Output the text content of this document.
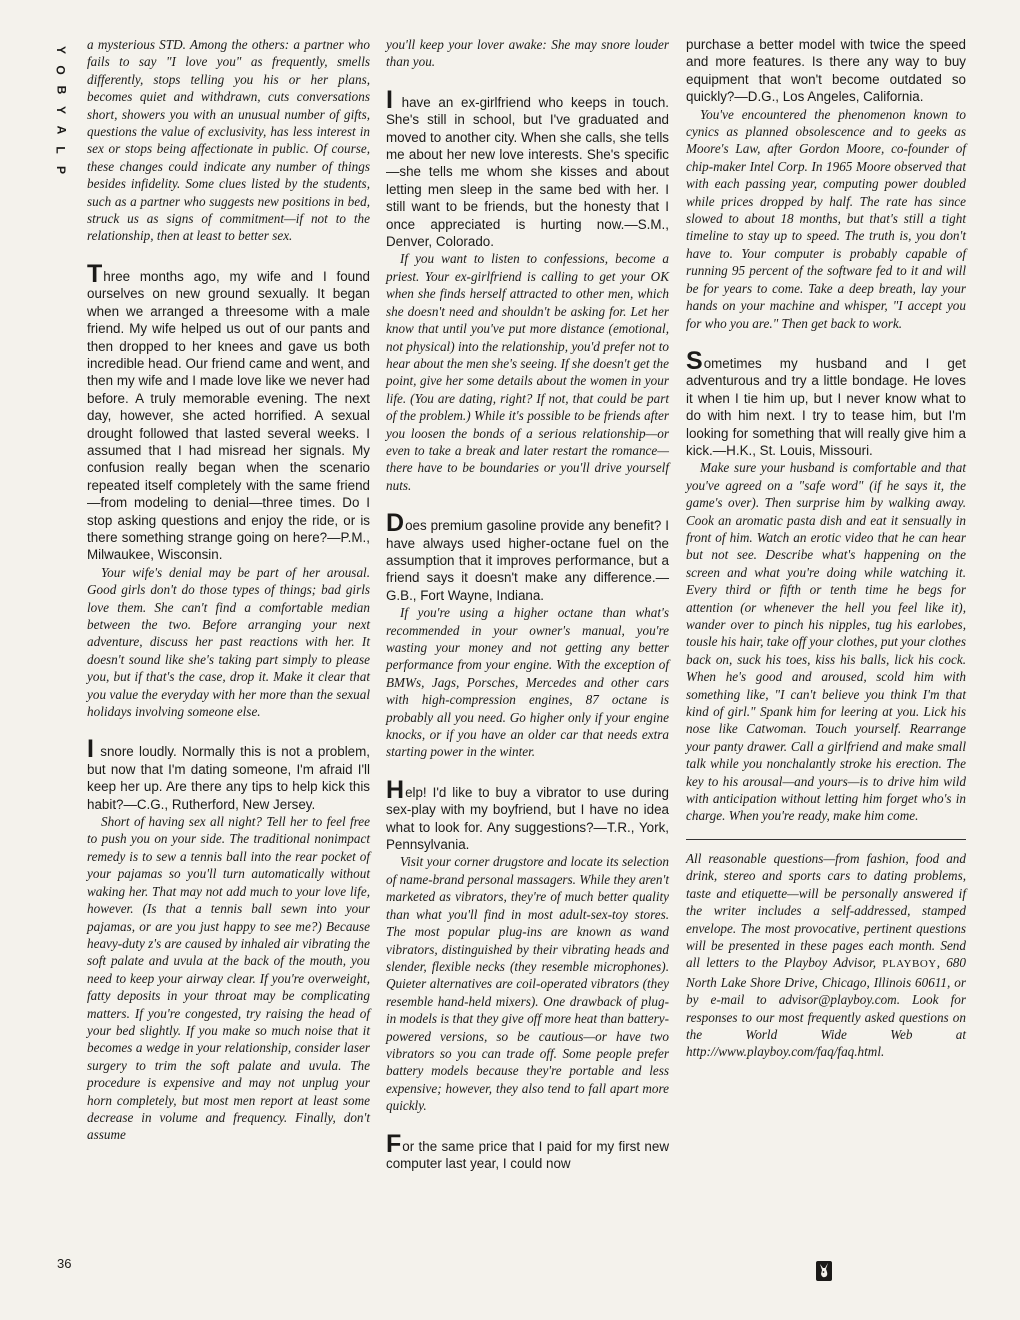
Y
O
B
Y
A
L
P

a mysterious STD. Among the others: a partner who fails to say "I love you" as frequently, smells differently, stops telling you his or her plans, becomes quiet and withdrawn, cuts conversations short, showers you with an unusual number of gifts, questions the value of exclusivity, has less interest in sex or stops being affectionate in public. Of course, these changes could indicate any number of things besides infidelity. Some clues listed by the students, such as a partner who suggests new positions in bed, struck us as signs of commitment—if not to the relationship, then at least to better sex.

Three months ago, my wife and I found ourselves on new ground sexually. It began when we arranged a threesome with a male friend. My wife helped us out of our pants and then dropped to her knees and gave us both incredible head. Our friend came and went, and then my wife and I made love like we never had before. A truly memorable evening. The next day, however, she acted horrified. A sexual drought followed that lasted several weeks. I assumed that I had misread her signals. My confusion really began when the scenario repeated itself completely with the same friend—from modeling to denial—three times. Do I stop asking questions and enjoy the ride, or is there something strange going on here?—P.M., Milwaukee, Wisconsin.

Your wife's denial may be part of her arousal. Good girls don't do those types of things; bad girls love them. She can't find a comfortable median between the two. Before arranging your next adventure, discuss her past reactions with her. It doesn't sound like she's taking part simply to please you, but if that's the case, drop it. Make it clear that you value the everyday with her more than the sexual holidays involving someone else.

I snore loudly. Normally this is not a problem, but now that I'm dating someone, I'm afraid I'll keep her up. Are there any tips to help kick this habit?—C.G., Rutherford, New Jersey.

Short of having sex all night? Tell her to feel free to push you on your side. The traditional nonimpact remedy is to sew a tennis ball into the rear pocket of your pajamas so you'll turn automatically without waking her. That may not add much to your love life, however. (Is that a tennis ball sewn into your pajamas, or are you just happy to see me?) Because heavy-duty z's are caused by inhaled air vibrating the soft palate and uvula at the back of the mouth, you need to keep your airway clear. If you're overweight, fatty deposits in your throat may be complicating matters. If you're congested, try raising the head of your bed slightly. If you make so much noise that it becomes a wedge in your relationship, consider laser surgery to trim the soft palate and uvula. The procedure is expensive and may not unplug your horn completely, but most men report at least some decrease in volume and frequency. Finally, don't assume

you'll keep your lover awake: She may snore louder than you.

I have an ex-girlfriend who keeps in touch. She's still in school, but I've graduated and moved to another city. When she calls, she tells me about her new love interests. She's specific—she tells me whom she kisses and about letting men sleep in the same bed with her. I still want to be friends, but the honesty that I once appreciated is hurting now.—S.M., Denver, Colorado.

If you want to listen to confessions, become a priest. Your ex-girlfriend is calling to get your OK when she finds herself attracted to other men, which she doesn't need and shouldn't be asking for. Let her know that until you've put more distance (emotional, not physical) into the relationship, you'd prefer not to hear about the men she's seeing. If she doesn't get the point, give her some details about the women in your life. (You are dating, right? If not, that could be part of the problem.) While it's possible to be friends after you loosen the bonds of a serious relationship—or even to take a break and later restart the romance—there have to be boundaries or you'll drive yourself nuts.

Does premium gasoline provide any benefit? I have always used higher-octane fuel on the assumption that it improves performance, but a friend says it doesn't make any difference.—G.B., Fort Wayne, Indiana.

If you're using a higher octane than what's recommended in your owner's manual, you're wasting your money and not getting any better performance from your engine. With the exception of BMWs, Jags, Porsches, Mercedes and other cars with high-compression engines, 87 octane is probably all you need. Go higher only if your engine knocks, or if you have an older car that needs extra starting power in the winter.

Help! I'd like to buy a vibrator to use during sex-play with my boyfriend, but I have no idea what to look for. Any suggestions?—T.R., York, Pennsylvania.

Visit your corner drugstore and locate its selection of name-brand personal massagers. While they aren't marketed as vibrators, they're of much better quality than what you'll find in most adult-sex-toy stores. The most popular plug-ins are known as wand vibrators, distinguished by their vibrating heads and slender, flexible necks (they resemble microphones). Quieter alternatives are coil-operated vibrators (they resemble hand-held mixers). One drawback of plug-in models is that they give off more heat than battery-powered versions, so be cautious—or have two vibrators so you can trade off. Some people prefer battery models because they're portable and less expensive; however, they also tend to fall apart more quickly.

For the same price that I paid for my first new computer last year, I could now

purchase a better model with twice the speed and more features. Is there any way to buy equipment that won't become outdated so quickly?—D.G., Los Angeles, California.

You've encountered the phenomenon known to cynics as planned obsolescence and to geeks as Moore's Law, after Gordon Moore, co-founder of chip-maker Intel Corp. In 1965 Moore observed that with each passing year, computing power doubled while prices dropped by half. The rate has since slowed to about 18 months, but that's still a tight timeline to stay up to speed. The truth is, you don't have to. Your computer is probably capable of running 95 percent of the software fed to it and will be for years to come. Take a deep breath, lay your hands on your machine and whisper, "I accept you for who you are." Then get back to work.

Sometimes my husband and I get adventurous and try a little bondage. He loves it when I tie him up, but I never know what to do with him next. I try to tease him, but I'm looking for something that will really give him a kick.—H.K., St. Louis, Missouri.

Make sure your husband is comfortable and that you've agreed on a "safe word" (if he says it, the game's over). Then surprise him by walking away. Cook an aromatic pasta dish and eat it sensually in front of him. Watch an erotic video that he can hear but not see. Describe what's happening on the screen and what you're doing while watching it. Every third or fifth or tenth time he begs for attention (or whenever the hell you feel like it), wander over to pinch his nipples, tug his earlobes, tousle his hair, take off your clothes, put your clothes back on, suck his toes, kiss his balls, lick his cock. When he's good and aroused, scold him with something like, "I can't believe you think I'm that kind of girl." Spank him for leering at you. Lick his nose like Catwoman. Touch yourself. Rearrange your panty drawer. Call a girlfriend and make small talk while you nonchalantly stroke his erection. The key to his arousal—and yours—is to drive him wild with anticipation without letting him forget who's in charge. When you're ready, make him come.

All reasonable questions—from fashion, food and drink, stereo and sports cars to dating problems, taste and etiquette—will be personally answered if the writer includes a self-addressed, stamped envelope. The most provocative, pertinent questions will be presented in these pages each month. Send all letters to the Playboy Advisor, PLAYBOY, 680 North Lake Shore Drive, Chicago, Illinois 60611, or by e-mail to advisor@playboy.com. Look for responses to our most frequently asked questions on the World Wide Web at http://www.playboy.com/faq/faq.html.

36
